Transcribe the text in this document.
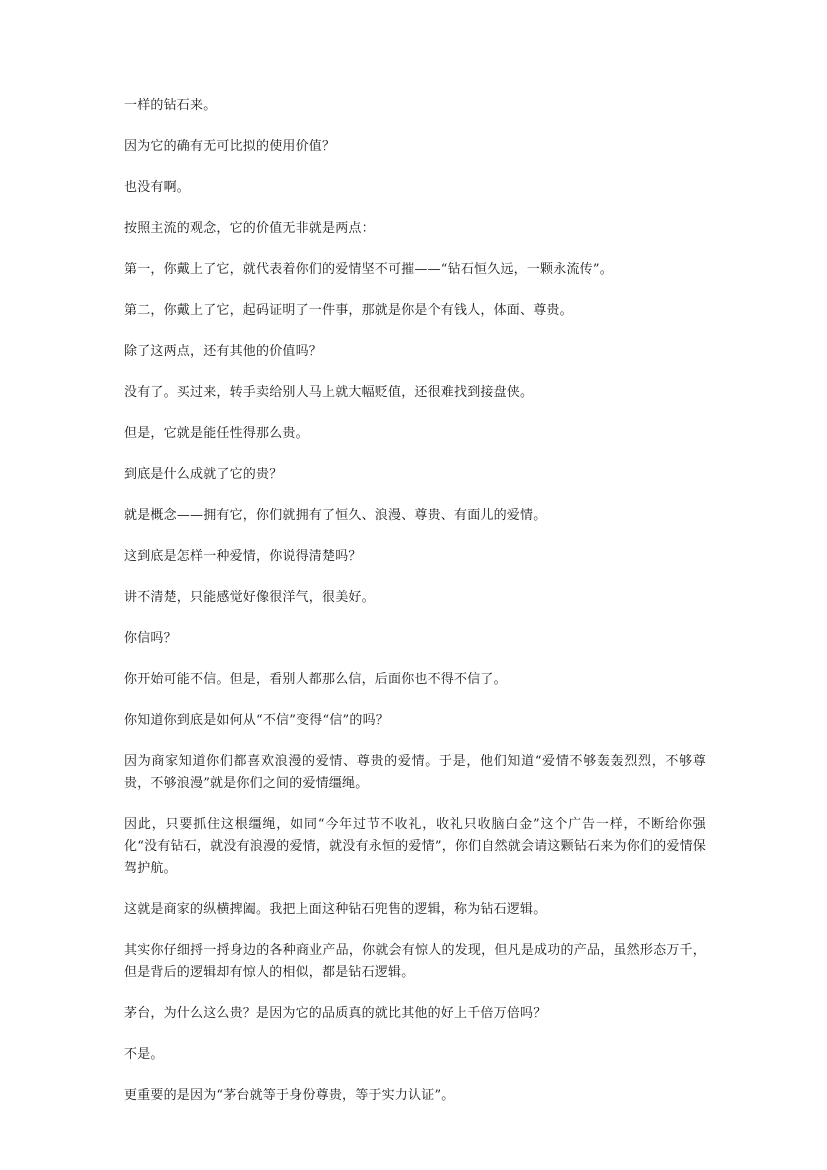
一样的钻石来。

因为它的确有无可比拟的使用价值？

也没有啊。

按照主流的观念，它的价值无非就是两点：

第一，你戴上了它，就代表着你们的爱情坚不可摧——“钻石恒久远，一颗永流传”。

第二，你戴上了它，起码证明了一件事，那就是你是个有钱人，体面、尊贵。

除了这两点，还有其他的价值吗？

没有了。买过来，转手卖给别人马上就大幅贬值，还很难找到接盘侠。

但是，它就是能任性得那么贵。

到底是什么成就了它的贵？

就是概念——拥有它，你们就拥有了恒久、浪漫、尊贵、有面儿的爱情。

这到底是怎样一种爱情，你说得清楚吗？

讲不清楚，只能感觉好像很洋气，很美好。

你信吗？

你开始可能不信。但是，看别人都那么信，后面你也不得不信了。

你知道你到底是如何从“不信”变得“信”的吗？

因为商家知道你们都喜欢浪漫的爱情、尊贵的爱情。于是，他们知道“爱情不够轰轰烈烈，不够尊贵，不够浪漫”就是你们之间的爱情缰绳。

因此，只要抓住这根缰绳，如同“今年过节不收礼，收礼只收脑白金”这个广告一样，不断给你强化“没有钻石，就没有浪漫的爱情，就没有永恒的爱情”，你们自然就会请这颗钻石来为你们的爱情保驾护航。

这就是商家的纵横捭阖。我把上面这种钻石兜售的逻辑，称为钻石逻辑。

其实你仔细捋一捋身边的各种商业产品，你就会有惊人的发现，但凡是成功的产品，虽然形态万千，但是背后的逻辑却有惊人的相似，都是钻石逻辑。

茅台，为什么这么贵？是因为它的品质真的就比其他的好上千倍万倍吗？

不是。

更重要的是因为“茅台就等于身份尊贵，等于实力认证”。
